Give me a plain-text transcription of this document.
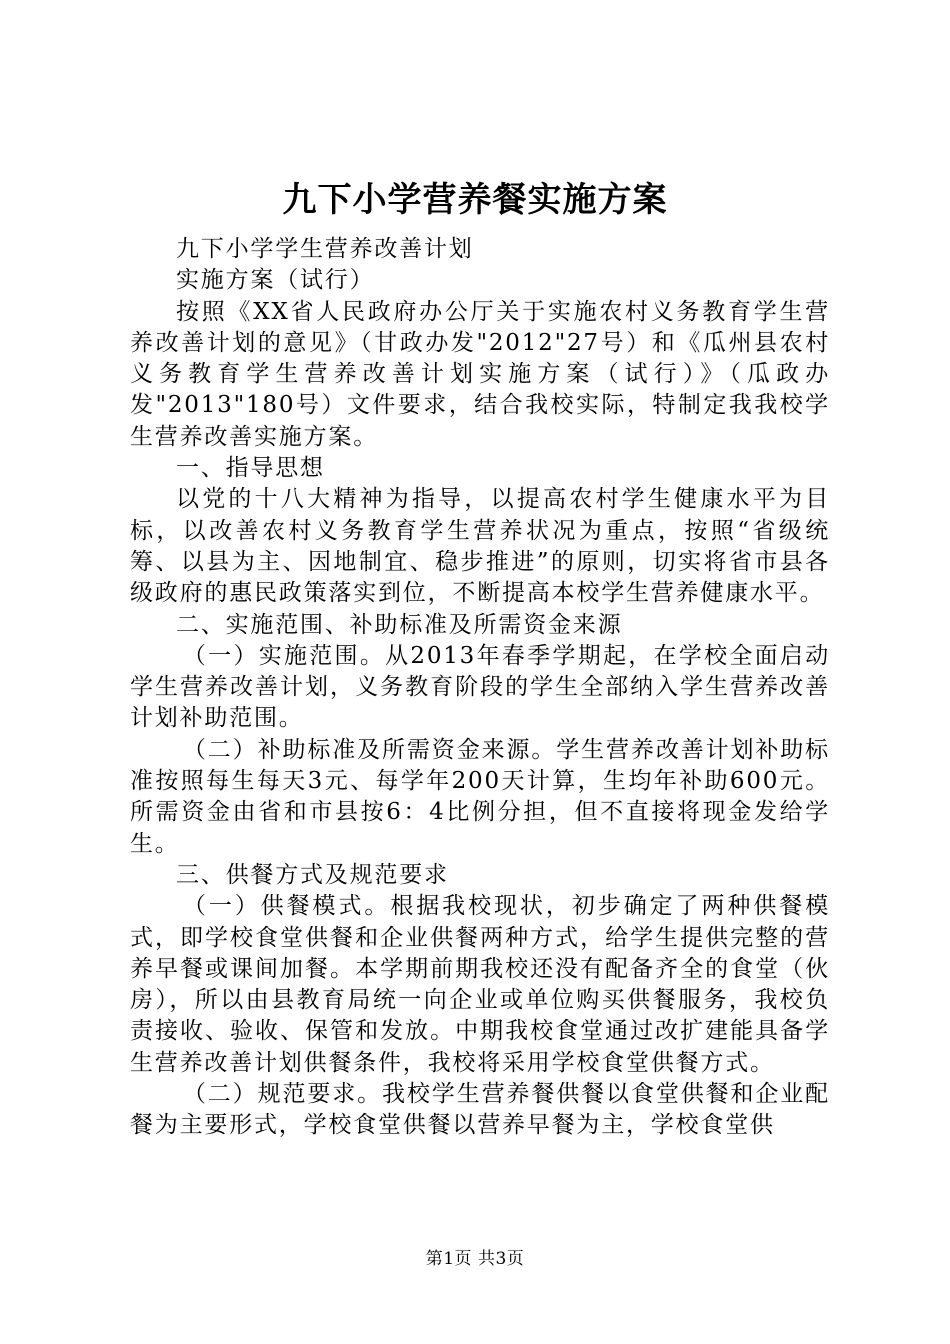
九下小学营养餐实施方案

九下小学学生营养改善计划

实施方案（试行）

按照《XX省人民政府办公厅关于实施农村义务教育学生营养改善计划的意见》（甘政办发"2012"27号）和《瓜州县农村义务教育学生营养改善计划实施方案（试行）》（瓜政办发"2013"180号）文件要求，结合我校实际，特制定我我校学生营养改善实施方案。

一、指导思想

以党的十八大精神为指导，以提高农村学生健康水平为目标，以改善农村义务教育学生营养状况为重点，按照“省级统筹、以县为主、因地制宜、稳步推进”的原则，切实将省市县各级政府的惠民政策落实到位，不断提高本校学生营养健康水平。

二、实施范围、补助标准及所需资金来源

（一）实施范围。从2013年春季学期起，在学校全面启动学生营养改善计划，义务教育阶段的学生全部纳入学生营养改善计划补助范围。

（二）补助标准及所需资金来源。学生营养改善计划补助标准按照每生每天3元、每学年200天计算，生均年补助600元。所需资金由省和市县按6：4比例分担，但不直接将现金发给学生。

三、供餐方式及规范要求

（一）供餐模式。根据我校现状，初步确定了两种供餐模式，即学校食堂供餐和企业供餐两种方式，给学生提供完整的营养早餐或课间加餐。本学期前期我校还没有配备齐全的食堂（伙房），所以由县教育局统一向企业或单位购买供餐服务，我校负责接收、验收、保管和发放。中期我校食堂通过改扩建能具备学生营养改善计划供餐条件，我校将采用学校食堂供餐方式。

（二）规范要求。我校学生营养餐供餐以食堂供餐和企业配餐为主要形式，学校食堂供餐以营养早餐为主，学校食堂供

第1页 共3页
